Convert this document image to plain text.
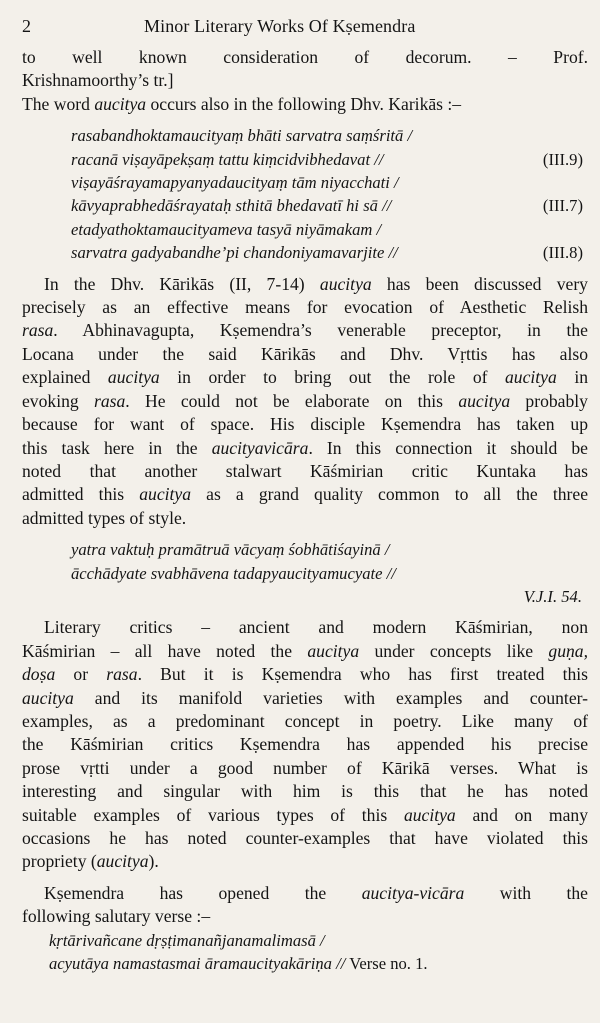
2	Minor Literary Works Of Kṣemendra
to well known consideration of decorum. – Prof.
Krishnamoorthy’s tr.]
The word aucitya occurs also in the following Dhv. Karikās :–
rasabandhoktamaucityaṃ bhāti sarvatra saṃśritā /
racanā viṣayāpekṣaṃ tattu kiṃcidvibhedavat //	(III.9)
viṣayāśrayamapyanyadaucityaṃ tām niyacchati /
kāvyaprabhedāśrayataḥ sthitā bhedavatī hi sā //	(III.7)
etadyathoktamaucityameva tasyā niyāmakam /
sarvatra gadyabandhe’pi chandoniyamavarjite //	(III.8)
In the Dhv. Kārikās (II, 7-14) aucitya has been discussed very
precisely as an effective means for evocation of Aesthetic Relish
rasa. Abhinavagupta, Kṣemendra’s venerable preceptor, in the
Locana under the said Kārikās and Dhv. Vṛttis has also
explained aucitya in order to bring out the role of aucitya in
evoking rasa. He could not be elaborate on this aucitya probably
because for want of space. His disciple Kṣemendra has taken up
this task here in the aucityavicāra. In this connection it should be
noted that another stalwart Kāśmirian critic Kuntaka has
admitted this aucitya as a grand quality common to all the three
admitted types of style.
yatra vaktuḥ pramātruā vācyaṃ śobhātiśayinā /
ācchādyate svabhāvena tadapyaucityamucyate //
V.J.I. 54.
Literary critics – ancient and modern Kāśmirian, non
Kāśmirian – all have noted the aucitya under concepts like guṇa,
doṣa or rasa. But it is Kṣemendra who has first treated this
aucitya and its manifold varieties with examples and counter-
examples, as a predominant concept in poetry. Like many of
the Kāśmirian critics Kṣemendra has appended his precise
prose vṛtti under a good number of Kārikā verses. What is
interesting and singular with him is this that he has noted
suitable examples of various types of this aucitya and on many
occasions he has noted counter-examples that have violated this
propriety (aucitya).
Kṣemendra has opened the aucitya-vicāra with the
following salutary verse :–
kṛtārivañcane dṛṣṭimanañjanamalimasā /
acyutāya namastasmai āramaucityakāriṇa // Verse no. 1.
